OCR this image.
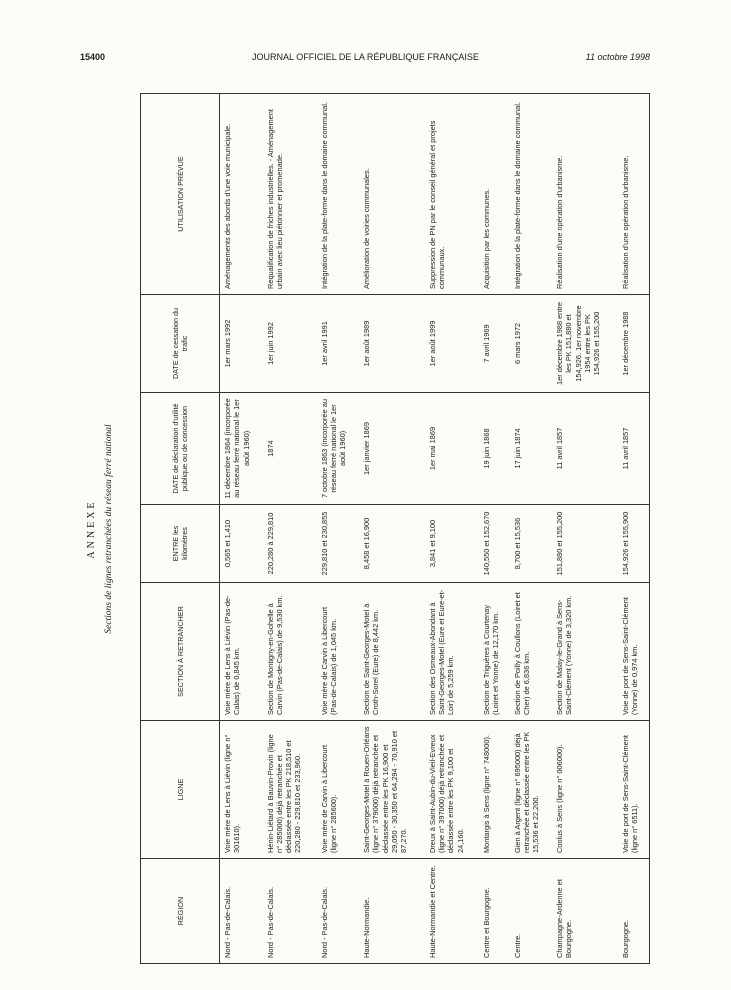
15400	JOURNAL OFFICIEL DE LA RÉPUBLIQUE FRANÇAISE	11 octobre 1998
ANNEXE Sections de lignes retranchées du réseau ferré national
RÉGION	LIGNE	SECTION À RETRANCHER	ENTRE les kilomètres	DATE de déclaration d'utilité publique ou de concession	DATE de cessation du trafic	UTILISATION PRÉVUE
Nord - Pas-de-Calais.	Voie mère de Lens à Liévin (ligne n° 301610).	Voie mère de Lens à Liévin (Pas-de-Calais) de 0,845 km.	0,565 et 1,410	11 décembre 1864 (incorporée au réseau ferré national le 1er août 1960)	1er mars 1992	Aménagements des abords d'une voie municipale.
Nord - Pas-de-Calais.	Hénin-Liétard à Bauvin-Provin (ligne n° 285000) déjà retranchée et déclassée entre les PK 218,510 et 220,280 - 229,810 et 233,960.	Section de Montigny-en-Gohelle à Carvin (Pas-de-Calais) de 9,530 km.	220,280 à 229,810	1874	1er juin 1992	Requalification de friches industrielles. - Aménagement urbain avec lieu piétonnier et promenade.
Nord - Pas-de-Calais.	Voie mère de Carvin à Libercourt (ligne n° 285600).	Voie mère de Carvin à Libercourt (Pas-de-Calais) de 1,045 km.	229,810 et 230,855	7 octobre 1863 (incorporée au réseau ferré national le 1er août 1960)	1er avril 1991	Intégration de la plate-forme dans le domaine communal.
Haute-Normandie.	Saint-Georges-Motel à Rouen-Orléans (ligne n° 379000) déjà retranchée et déclassée entre les PK 16,900 et 29,050 - 30,350 et 64,294 - 70,910 et 87,270.	Section de Saint-Georges-Motel à Croth-Sorel (Eure) de 8,442 km.	8,458 et 16,900	1er janvier 1869	1er août 1989	Amélioration de voiries communales.
Haute-Normandie et Centre.	Dreux à Saint-Aubin-du-Vieil-Evreux (ligne n° 397000) déjà retranchée et déclassée entre les PK 9,100 et 24,160.	Section des Osmeaux-Abondant à Saint-Georges-Motel (Eure et Eure-et-Loir) de 5,259 km.	3,841 et 9,100	1er mai 1869	1er août 1999	Suppression de PN par le conseil général et projets communaux.
Centre et Bourgogne.	Montargis à Sens (ligne n° 748000).	Section de Triguères à Courtenay (Loiret et Yonne) de 12,170 km.	140,550 et 152,670	19 juin 1868	7 avril 1969	Acquisition par les communes.
Centre.	Gien à Argent (ligne n° 695000) déjà retranchée et déclassée entre les PK 15,536 et 22,200.	Section de Poilly à Coullons (Loiret et Cher) de 6,836 km.	8,700 et 15,536	17 juin 1874	6 mars 1972	Intégration de la plate-forme dans le domaine communal.
Champagne-Ardenne et Bourgogne.	Coolus à Sens (ligne n° 006000).	Section de Malay-le-Grand à Sens-Saint-Clément (Yonne) de 3,320 km.	151,880 et 155,200	11 avril 1857	1er décembre 1988 entre les PK 151,880 et 154,926. 1er novembre 1954 entre les PK 154,926 et 155,200	Réalisation d'une opération d'urbanisme.
Bourgogne.	Voie de port de Sens-Saint-Clément (ligne n° 6511).	Voie de port de Sens-Saint-Clément (Yonne) de 0,974 km.	154,926 et 155,900	11 avril 1857	1er décembre 1988	Réalisation d'une opération d'urbanisme.
